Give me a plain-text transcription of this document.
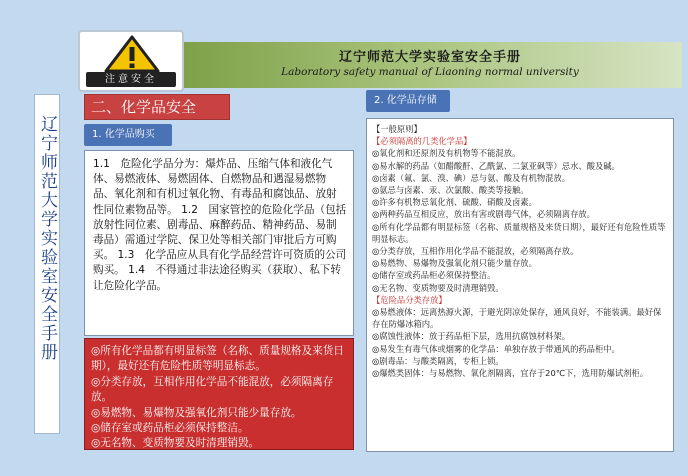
辽宁师范大学实验室安全手册
Laboratory safety manual of Liaoning normal university
注意安全
辽宁师范大学实验室安全手册
二、化学品安全
1. 化学品购买

1.1　危险化学品分为：爆炸品、压缩气体和液化气体、易燃液体、易燃固体、自燃物品和遇湿易燃物品、氧化剂和有机过氧化物、有毒品和腐蚀品、放射性同位素物品等。 1.2　国家管控的危险化学品（包括放射性同位素、剧毒品、麻醉药品、精神药品、易制毒品）需通过学院、保卫处等相关部门审批后方可购买。 1.3　化学品应从具有化学品经营许可资质的公司购买。 1.4　不得通过非法途径购买（获取）、私下转让危险化学品。

◎所有化学品都有明显标签（名称、质量规格及来货日期），最好还有危险性质等明显标志。
◎分类存放，互相作用化学品不能混放，必须隔离存放。
◎易燃物、易爆物及强氧化剂只能少量存放。
◎储存室或药品柜必须保持整洁。
◎无名物、变质物要及时清理销毁。
2. 化学品存储
【一般原则】
【必须隔离的几类化学品】
◎氧化剂和还原剂及有机物等不能混放。
◎易水解的药品（如醋酸酐、乙酰氯、二氯亚砜等）忌水、酸及碱。
◎卤素（氟、氯、溴、碘）忌与氨、酸及有机物混放。
◎氨忌与卤素、汞、次氯酸、酸类等接触。
◎许多有机物忌氧化剂、硫酸、硝酸及卤素。
◎两种药品互相反应，放出有害或剧毒气体，必须隔离存放。
◎所有化学品都有明显标签（名称、质量规格及来货日期），最好还有危险性质等明显标志。
◎分类存放，互相作用化学品不能混放，必须隔离存放。
◎易燃物、易爆物及强氧化剂只能少量存放。
◎储存室或药品柜必须保持整洁。
◎无名物、变质物要及时清理销毁。
【危险品分类存放】
◎易燃液体：远离热源火源，于避光阴凉处保存，通风良好，不能装满。最好保存在防爆冰箱内。
◎腐蚀性液体：放于药品柜下层，选用抗腐蚀材料架。
◎易发生有毒气体或烟雾的化学品：单独存放于带通风的药品柜中。
◎剧毒品：与酸类隔离，专柜上锁。
◎爆燃类固体：与易燃物、氧化剂隔离，宜存于20℃下，选用防爆试剂柜。
